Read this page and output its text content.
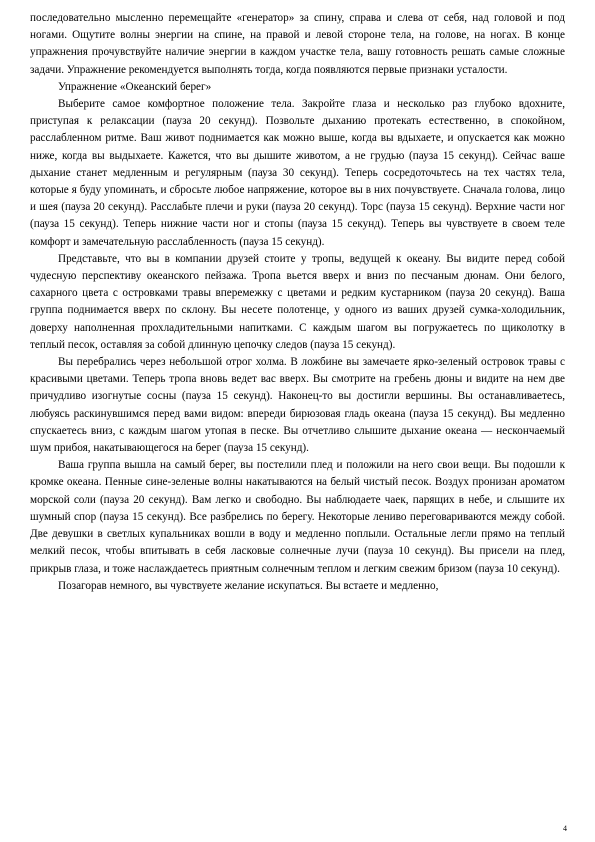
последовательно мысленно перемещайте «генератор» за спину, справа и слева от себя, над головой и под ногами. Ощутите волны энергии на спине, на правой и левой стороне тела, на голове, на ногах. В конце упражнения прочувствуйте наличие энергии в каждом участке тела, вашу готовность решать самые сложные задачи. Упражнение рекомендуется выполнять тогда, когда появляются первые признаки усталости.

Упражнение «Океанский берег»

Выберите самое комфортное положение тела. Закройте глаза и несколько раз глубоко вдохните, приступая к релаксации (пауза 20 секунд). Позвольте дыханию протекать естественно, в спокойном, расслабленном ритме. Ваш живот поднимается как можно выше, когда вы вдыхаете, и опускается как можно ниже, когда вы выдыхаете. Кажется, что вы дышите животом, а не грудью (пауза 15 секунд). Сейчас ваше дыхание станет медленным и регулярным (пауза 30 секунд). Теперь сосредоточьтесь на тех частях тела, которые я буду упоминать, и сбросьте любое напряжение, которое вы в них почувствуете. Сначала голова, лицо и шея (пауза 20 секунд). Расслабьте плечи и руки (пауза 20 секунд). Торс (пауза 15 секунд). Верхние части ног (пауза 15 секунд). Теперь нижние части ног и стопы (пауза 15 секунд). Теперь вы чувствуете в своем теле комфорт и замечательную расслабленность (пауза 15 секунд).

Представьте, что вы в компании друзей стоите у тропы, ведущей к океану. Вы видите перед собой чудесную перспективу океанского пейзажа. Тропа вьется вверх и вниз по песчаным дюнам. Они белого, сахарного цвета с островками травы вперемежку с цветами и редким кустарником (пауза 20 секунд). Ваша группа поднимается вверх по склону. Вы несете полотенце, у одного из ваших друзей сумка-холодильник, доверху наполненная прохладительными напитками. С каждым шагом вы погружаетесь по щиколотку в теплый песок, оставляя за собой длинную цепочку следов (пауза 15 секунд).

Вы перебрались через небольшой отрог холма. В ложбине вы замечаете ярко-зеленый островок травы с красивыми цветами. Теперь тропа вновь ведет вас вверх. Вы смотрите на гребень дюны и видите на нем две причудливо изогнутые сосны (пауза 15 секунд). Наконец-то вы достигли вершины. Вы останавливаетесь, любуясь раскинувшимся перед вами видом: впереди бирюзовая гладь океана (пауза 15 секунд). Вы медленно спускаетесь вниз, с каждым шагом утопая в песке. Вы отчетливо слышите дыхание океана — нескончаемый шум прибоя, накатывающегося на берег (пауза 15 секунд).

Ваша группа вышла на самый берег, вы постелили плед и положили на него свои вещи. Вы подошли к кромке океана. Пенные сине-зеленые волны накатываются на белый чистый песок. Воздух пронизан ароматом морской соли (пауза 20 секунд). Вам легко и свободно. Вы наблюдаете чаек, парящих в небе, и слышите их шумный спор (пауза 15 секунд). Все разбрелись по берегу. Некоторые лениво переговариваются между собой. Две девушки в светлых купальниках вошли в воду и медленно поплыли. Остальные легли прямо на теплый мелкий песок, чтобы впитывать в себя ласковые солнечные лучи (пауза 10 секунд). Вы присели на плед, прикрыв глаза, и тоже наслаждаетесь приятным солнечным теплом и легким свежим бризом (пауза 10 секунд).

Позагорав немного, вы чувствуете желание искупаться. Вы встаете и медленно,

4
